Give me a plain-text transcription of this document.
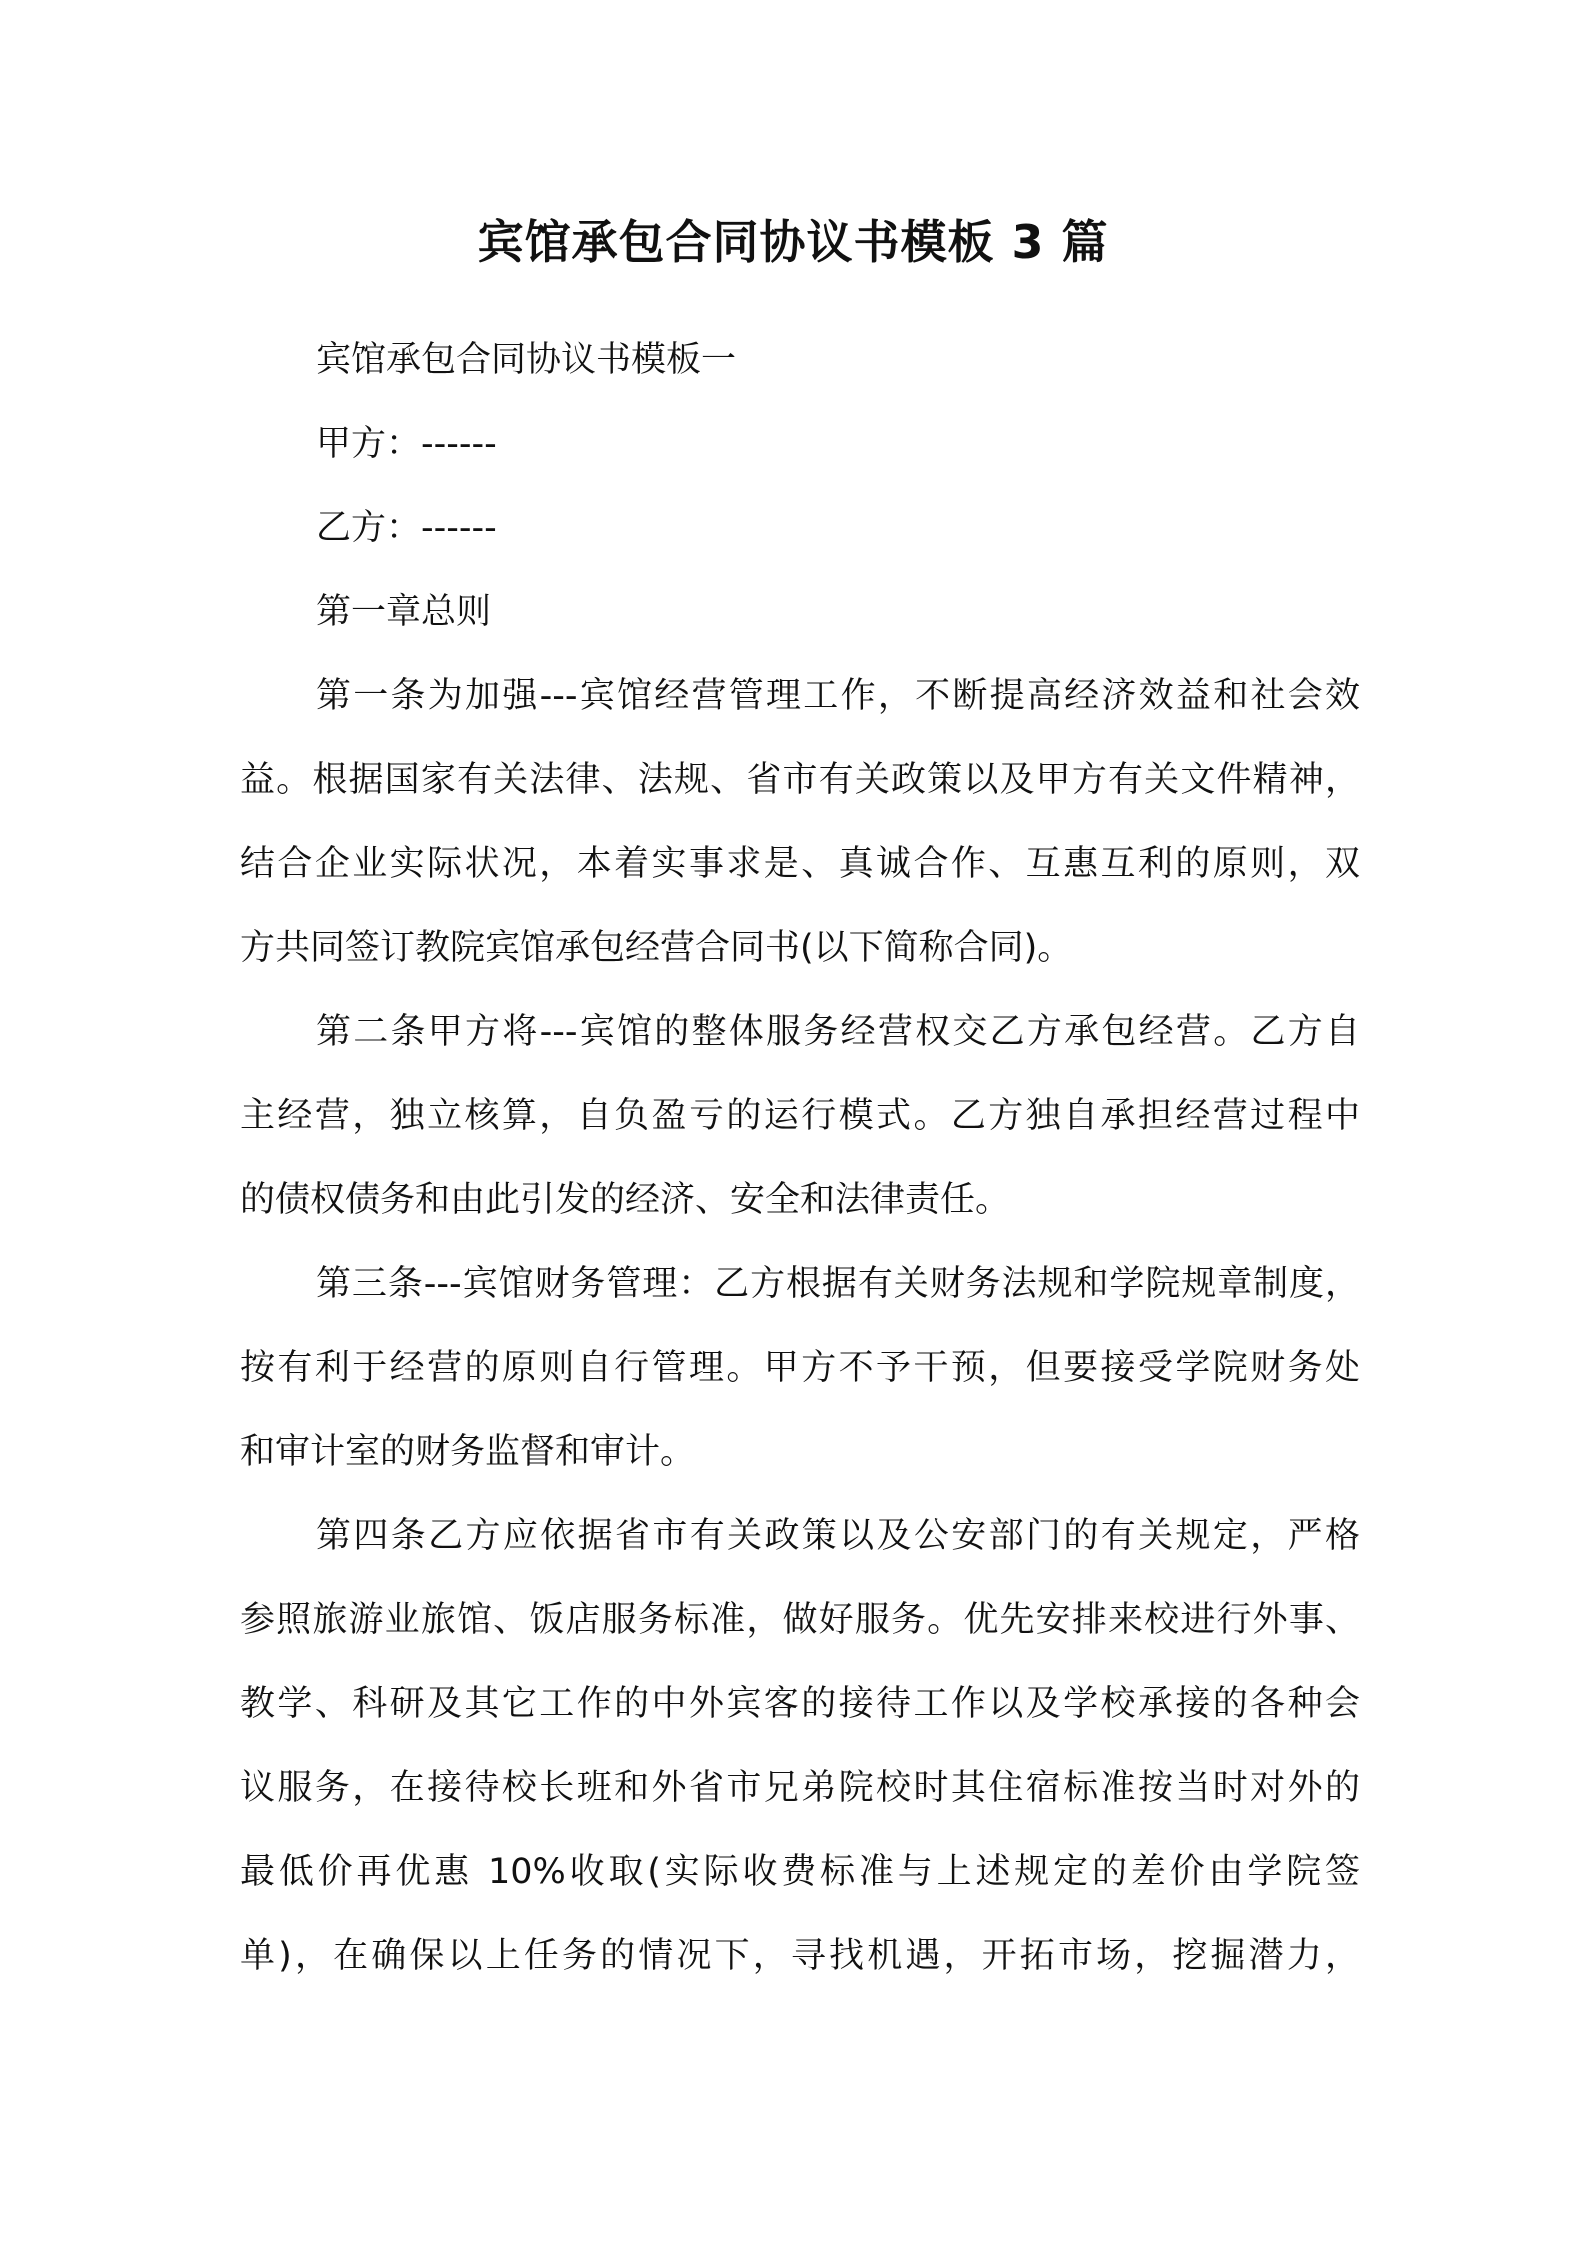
宾馆承包合同协议书模板 3 篇

宾馆承包合同协议书模板一

甲方：------

乙方：------

第一章总则

第一条为加强---宾馆经营管理工作，不断提高经济效益和社会效

益。根据国家有关法律、法规、省市有关政策以及甲方有关文件精神，

结合企业实际状况，本着实事求是、真诚合作、互惠互利的原则，双

方共同签订教院宾馆承包经营合同书(以下简称合同)。

第二条甲方将---宾馆的整体服务经营权交乙方承包经营。乙方自

主经营，独立核算，自负盈亏的运行模式。乙方独自承担经营过程中

的债权债务和由此引发的经济、安全和法律责任。

第三条---宾馆财务管理：乙方根据有关财务法规和学院规章制度，

按有利于经营的原则自行管理。甲方不予干预，但要接受学院财务处

和审计室的财务监督和审计。

第四条乙方应依据省市有关政策以及公安部门的有关规定，严格

参照旅游业旅馆、饭店服务标准，做好服务。优先安排来校进行外事、

教学、科研及其它工作的中外宾客的接待工作以及学校承接的各种会

议服务，在接待校长班和外省市兄弟院校时其住宿标准按当时对外的

最低价再优惠 10%收取(实际收费标准与上述规定的差价由学院签

单)，在确保以上任务的情况下，寻找机遇，开拓市场，挖掘潜力，
